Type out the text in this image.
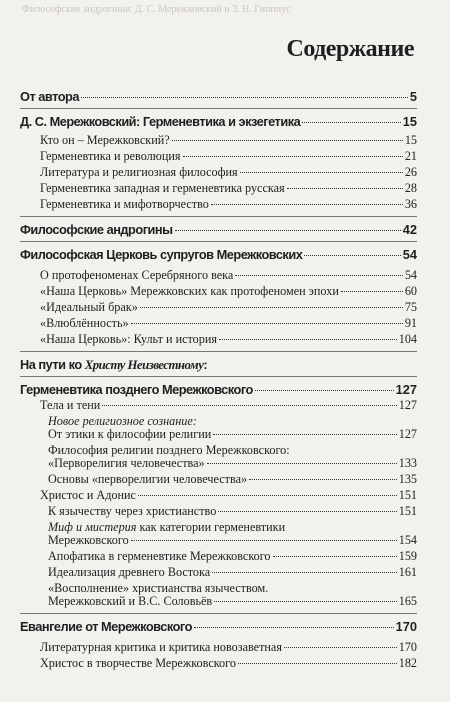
Философские андрогины: Д. С. Мережковский и З. Н. Гиппиус
Содержание
От автора	5
Д. С. Мережковский: Герменевтика и экзегетика	15
Кто он – Мережковский?	15
Герменевтика и революция	21
Литература и религиозная философия	26
Герменевтика западная и герменевтика русская	28
Герменевтика и мифотворчество	36
Философские андрогины	42
Философская Церковь супругов Мережковских	54
О протофеноменах Серебряного века	54
«Наша Церковь» Мережковских как протофеномен эпохи	60
«Идеальный брак»	75
«Влюблённость»	91
«Наша Церковь»: Культ и история	104
На пути ко Христу Неизвестному:
Герменевтика позднего Мережковского	127
Тела и тени	127
Новое религиозное сознание:
От этики к философии религии	127
Философия религии позднего Мережковского:
«Перворелигия человечества»	133
Основы «перворелигии человечества»	135
Христос и Адонис	151
К язычеству через христианство	151
Миф и мистерия как категории герменевтики
Мережковского	154
Апофатика в герменевтике Мережковского	159
Идеализация древнего Востока	161
«Восполнение» христианства язычеством.
Мережковский и В.С. Соловьёв	165
Евангелие от Мережковского	170
Литературная критика и критика новозаветная	170
Христос в творчестве Мережковского	182
